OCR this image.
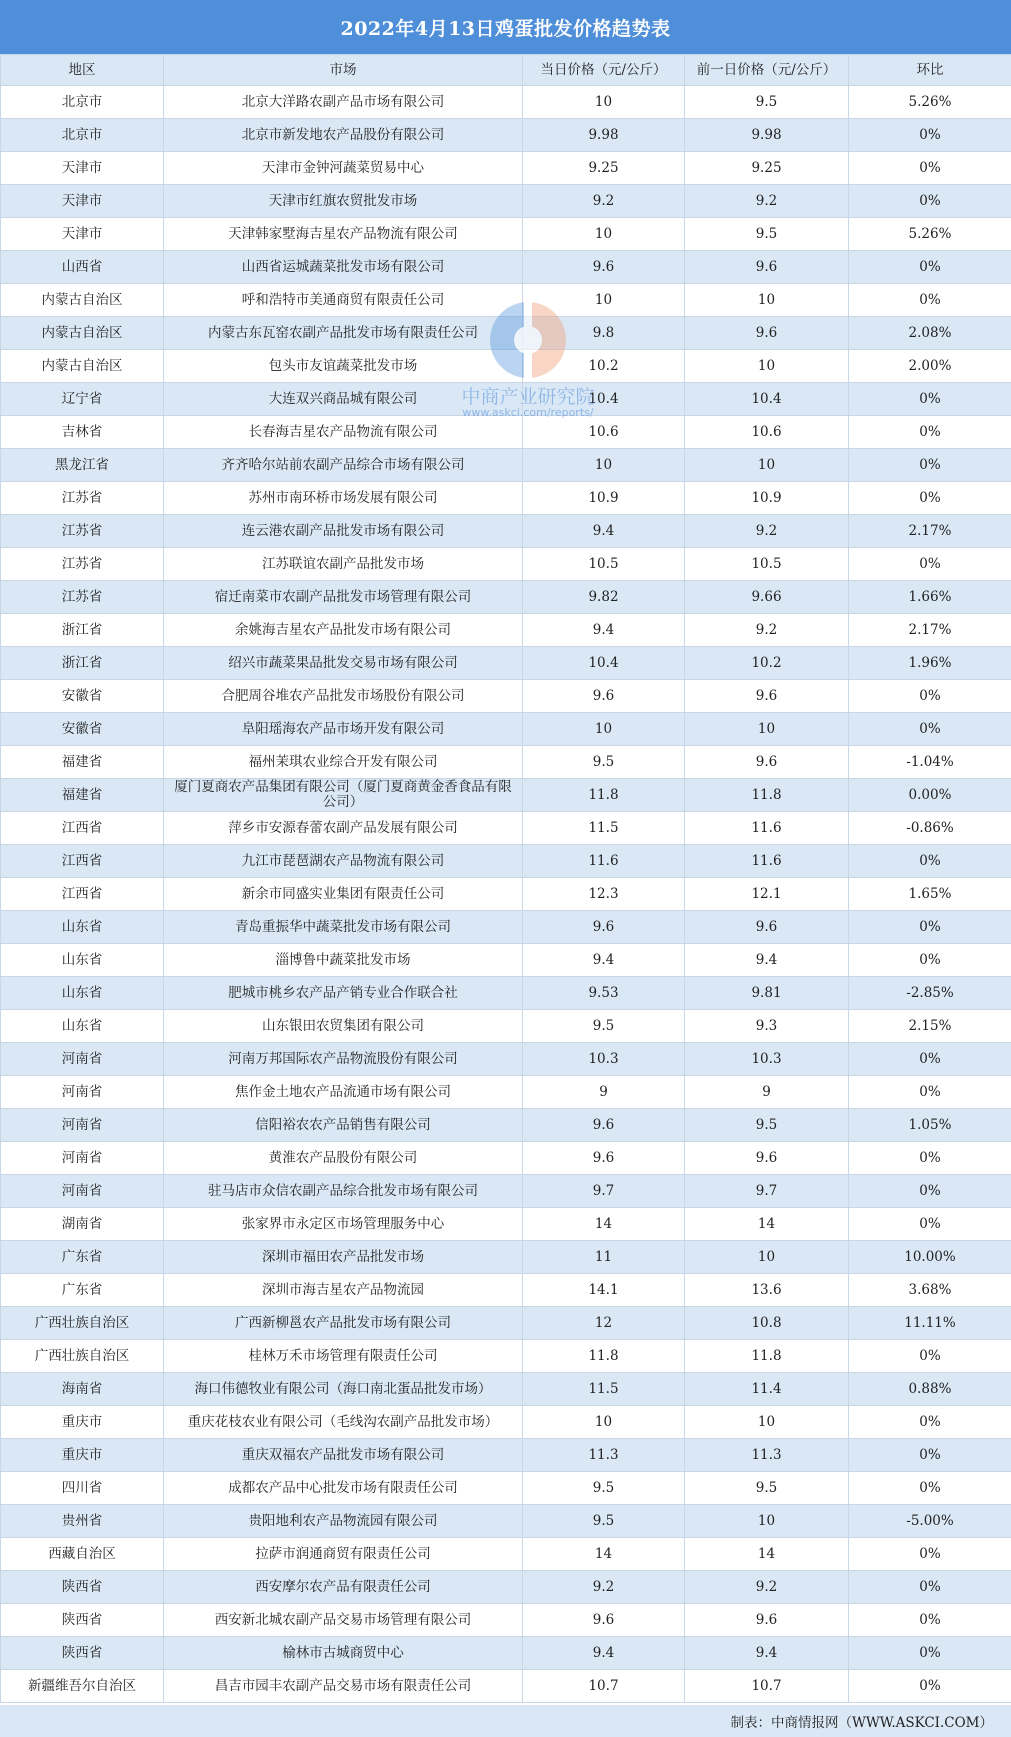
2022年4月13日鸡蛋批发价格趋势表
地区	市场	当日价格（元/公斤）	前一日价格（元/公斤）	环比
北京市	北京大洋路农副产品市场有限公司	10	9.5	5.26%
北京市	北京市新发地农产品股份有限公司	9.98	9.98	0%
天津市	天津市金钟河蔬菜贸易中心	9.25	9.25	0%
天津市	天津市红旗农贸批发市场	9.2	9.2	0%
天津市	天津韩家墅海吉星农产品物流有限公司	10	9.5	5.26%
山西省	山西省运城蔬菜批发市场有限公司	9.6	9.6	0%
内蒙古自治区	呼和浩特市美通商贸有限责任公司	10	10	0%
内蒙古自治区	内蒙古东瓦窑农副产品批发市场有限责任公司	9.8	9.6	2.08%
内蒙古自治区	包头市友谊蔬菜批发市场	10.2	10	2.00%
辽宁省	大连双兴商品城有限公司	10.4	10.4	0%
吉林省	长春海吉星农产品物流有限公司	10.6	10.6	0%
黑龙江省	齐齐哈尔站前农副产品综合市场有限公司	10	10	0%
江苏省	苏州市南环桥市场发展有限公司	10.9	10.9	0%
江苏省	连云港农副产品批发市场有限公司	9.4	9.2	2.17%
江苏省	江苏联谊农副产品批发市场	10.5	10.5	0%
江苏省	宿迁南菜市农副产品批发市场管理有限公司	9.82	9.66	1.66%
浙江省	余姚海吉星农产品批发市场有限公司	9.4	9.2	2.17%
浙江省	绍兴市蔬菜果品批发交易市场有限公司	10.4	10.2	1.96%
安徽省	合肥周谷堆农产品批发市场股份有限公司	9.6	9.6	0%
安徽省	阜阳瑶海农产品市场开发有限公司	10	10	0%
福建省	福州茉琪农业综合开发有限公司	9.5	9.6	-1.04%
福建省	厦门夏商农产品集团有限公司（厦门夏商黄金香食品有限公司）	11.8	11.8	0.00%
江西省	萍乡市安源春蕾农副产品发展有限公司	11.5	11.6	-0.86%
江西省	九江市琵琶湖农产品物流有限公司	11.6	11.6	0%
江西省	新余市同盛实业集团有限责任公司	12.3	12.1	1.65%
山东省	青岛重振华中蔬菜批发市场有限公司	9.6	9.6	0%
山东省	淄博鲁中蔬菜批发市场	9.4	9.4	0%
山东省	肥城市桃乡农产品产销专业合作联合社	9.53	9.81	-2.85%
山东省	山东银田农贸集团有限公司	9.5	9.3	2.15%
河南省	河南万邦国际农产品物流股份有限公司	10.3	10.3	0%
河南省	焦作金土地农产品流通市场有限公司	9	9	0%
河南省	信阳裕农农产品销售有限公司	9.6	9.5	1.05%
河南省	黄淮农产品股份有限公司	9.6	9.6	0%
河南省	驻马店市众信农副产品综合批发市场有限公司	9.7	9.7	0%
湖南省	张家界市永定区市场管理服务中心	14	14	0%
广东省	深圳市福田农产品批发市场	11	10	10.00%
广东省	深圳市海吉星农产品物流园	14.1	13.6	3.68%
广西壮族自治区	广西新柳邕农产品批发市场有限公司	12	10.8	11.11%
广西壮族自治区	桂林万禾市场管理有限责任公司	11.8	11.8	0%
海南省	海口伟德牧业有限公司（海口南北蛋品批发市场）	11.5	11.4	0.88%
重庆市	重庆花枝农业有限公司（毛线沟农副产品批发市场）	10	10	0%
重庆市	重庆双福农产品批发市场有限公司	11.3	11.3	0%
四川省	成都农产品中心批发市场有限责任公司	9.5	9.5	0%
贵州省	贵阳地利农产品物流园有限公司	9.5	10	-5.00%
西藏自治区	拉萨市润通商贸有限责任公司	14	14	0%
陕西省	西安摩尔农产品有限责任公司	9.2	9.2	0%
陕西省	西安新北城农副产品交易市场管理有限公司	9.6	9.6	0%
陕西省	榆林市古城商贸中心	9.4	9.4	0%
新疆维吾尔自治区	昌吉市园丰农副产品交易市场有限责任公司	10.7	10.7	0%
中商产业研究院
www.askci.com/reports/
制表：中商情报网（WWW.ASKCI.COM）
